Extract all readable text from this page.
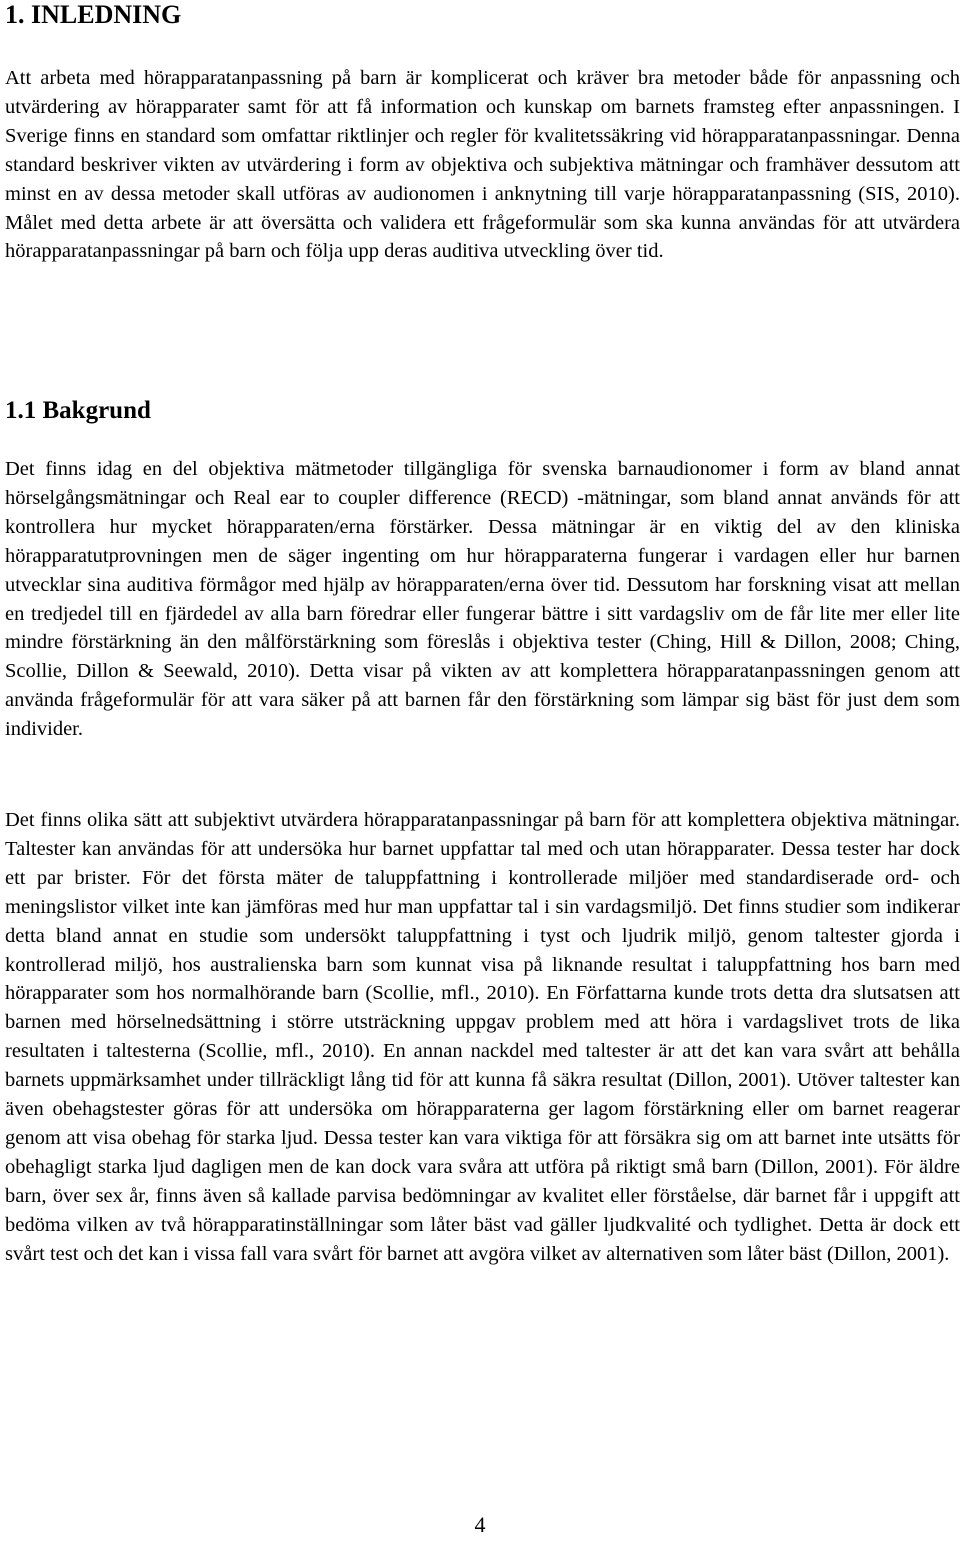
1. INLEDNING

Att arbeta med hörapparatanpassning på barn är komplicerat och kräver bra metoder både för anpassning och utvärdering av hörapparater samt för att få information och kunskap om barnets framsteg efter anpassningen. I Sverige finns en standard som omfattar riktlinjer och regler för kvalitetssäkring vid hörapparatanpassningar. Denna standard beskriver vikten av utvärdering i form av objektiva och subjektiva mätningar och framhäver dessutom att minst en av dessa metoder skall utföras av audionomen i anknytning till varje hörapparatanpassning (SIS, 2010). Målet med detta arbete är att översätta och validera ett frågeformulär som ska kunna användas för att utvärdera hörapparatanpassningar på barn och följa upp deras auditiva utveckling över tid.

1.1 Bakgrund

Det finns idag en del objektiva mätmetoder tillgängliga för svenska barnaudionomer i form av bland annat hörselgångsmätningar och Real ear to coupler difference (RECD) -mätningar, som bland annat används för att kontrollera hur mycket hörapparaten/erna förstärker. Dessa mätningar är en viktig del av den kliniska hörapparatutprovningen men de säger ingenting om hur hörapparaterna fungerar i vardagen eller hur barnen utvecklar sina auditiva förmågor med hjälp av hörapparaten/erna över tid. Dessutom har forskning visat att mellan en tredjedel till en fjärdedel av alla barn föredrar eller fungerar bättre i sitt vardagsliv om de får lite mer eller lite mindre förstärkning än den målförstärkning som föreslås i objektiva tester (Ching, Hill & Dillon, 2008; Ching, Scollie, Dillon & Seewald, 2010). Detta visar på vikten av att komplettera hörapparatanpassningen genom att använda frågeformulär för att vara säker på att barnen får den förstärkning som lämpar sig bäst för just dem som individer.

Det finns olika sätt att subjektivt utvärdera hörapparatanpassningar på barn för att komplettera objektiva mätningar. Taltester kan användas för att undersöka hur barnet uppfattar tal med och utan hörapparater. Dessa tester har dock ett par brister. För det första mäter de taluppfattning i kontrollerade miljöer med standardiserade ord- och meningslistor vilket inte kan jämföras med hur man uppfattar tal i sin vardagsmiljö. Det finns studier som indikerar detta bland annat en studie som undersökt taluppfattning i tyst och ljudrik miljö, genom taltester gjorda i kontrollerad miljö, hos australienska barn som kunnat visa på liknande resultat i taluppfattning hos barn med hörapparater som hos normalhörande barn (Scollie, mfl., 2010). En Författarna kunde trots detta dra slutsatsen att barnen med hörselnedsättning i större utsträckning uppgav problem med att höra i vardagslivet trots de lika resultaten i taltesterna (Scollie, mfl., 2010). En annan nackdel med taltester är att det kan vara svårt att behålla barnets uppmärksamhet under tillräckligt lång tid för att kunna få säkra resultat (Dillon, 2001). Utöver taltester kan även obehagstester göras för att undersöka om hörapparaterna ger lagom förstärkning eller om barnet reagerar genom att visa obehag för starka ljud. Dessa tester kan vara viktiga för att försäkra sig om att barnet inte utsätts för obehagligt starka ljud dagligen men de kan dock vara svåra att utföra på riktigt små barn (Dillon, 2001). För äldre barn, över sex år, finns även så kallade parvisa bedömningar av kvalitet eller förståelse, där barnet får i uppgift att bedöma vilken av två hörapparatinställningar som låter bäst vad gäller ljudkvalité och tydlighet. Detta är dock ett svårt test och det kan i vissa fall vara svårt för barnet att avgöra vilket av alternativen som låter bäst (Dillon, 2001).

4
